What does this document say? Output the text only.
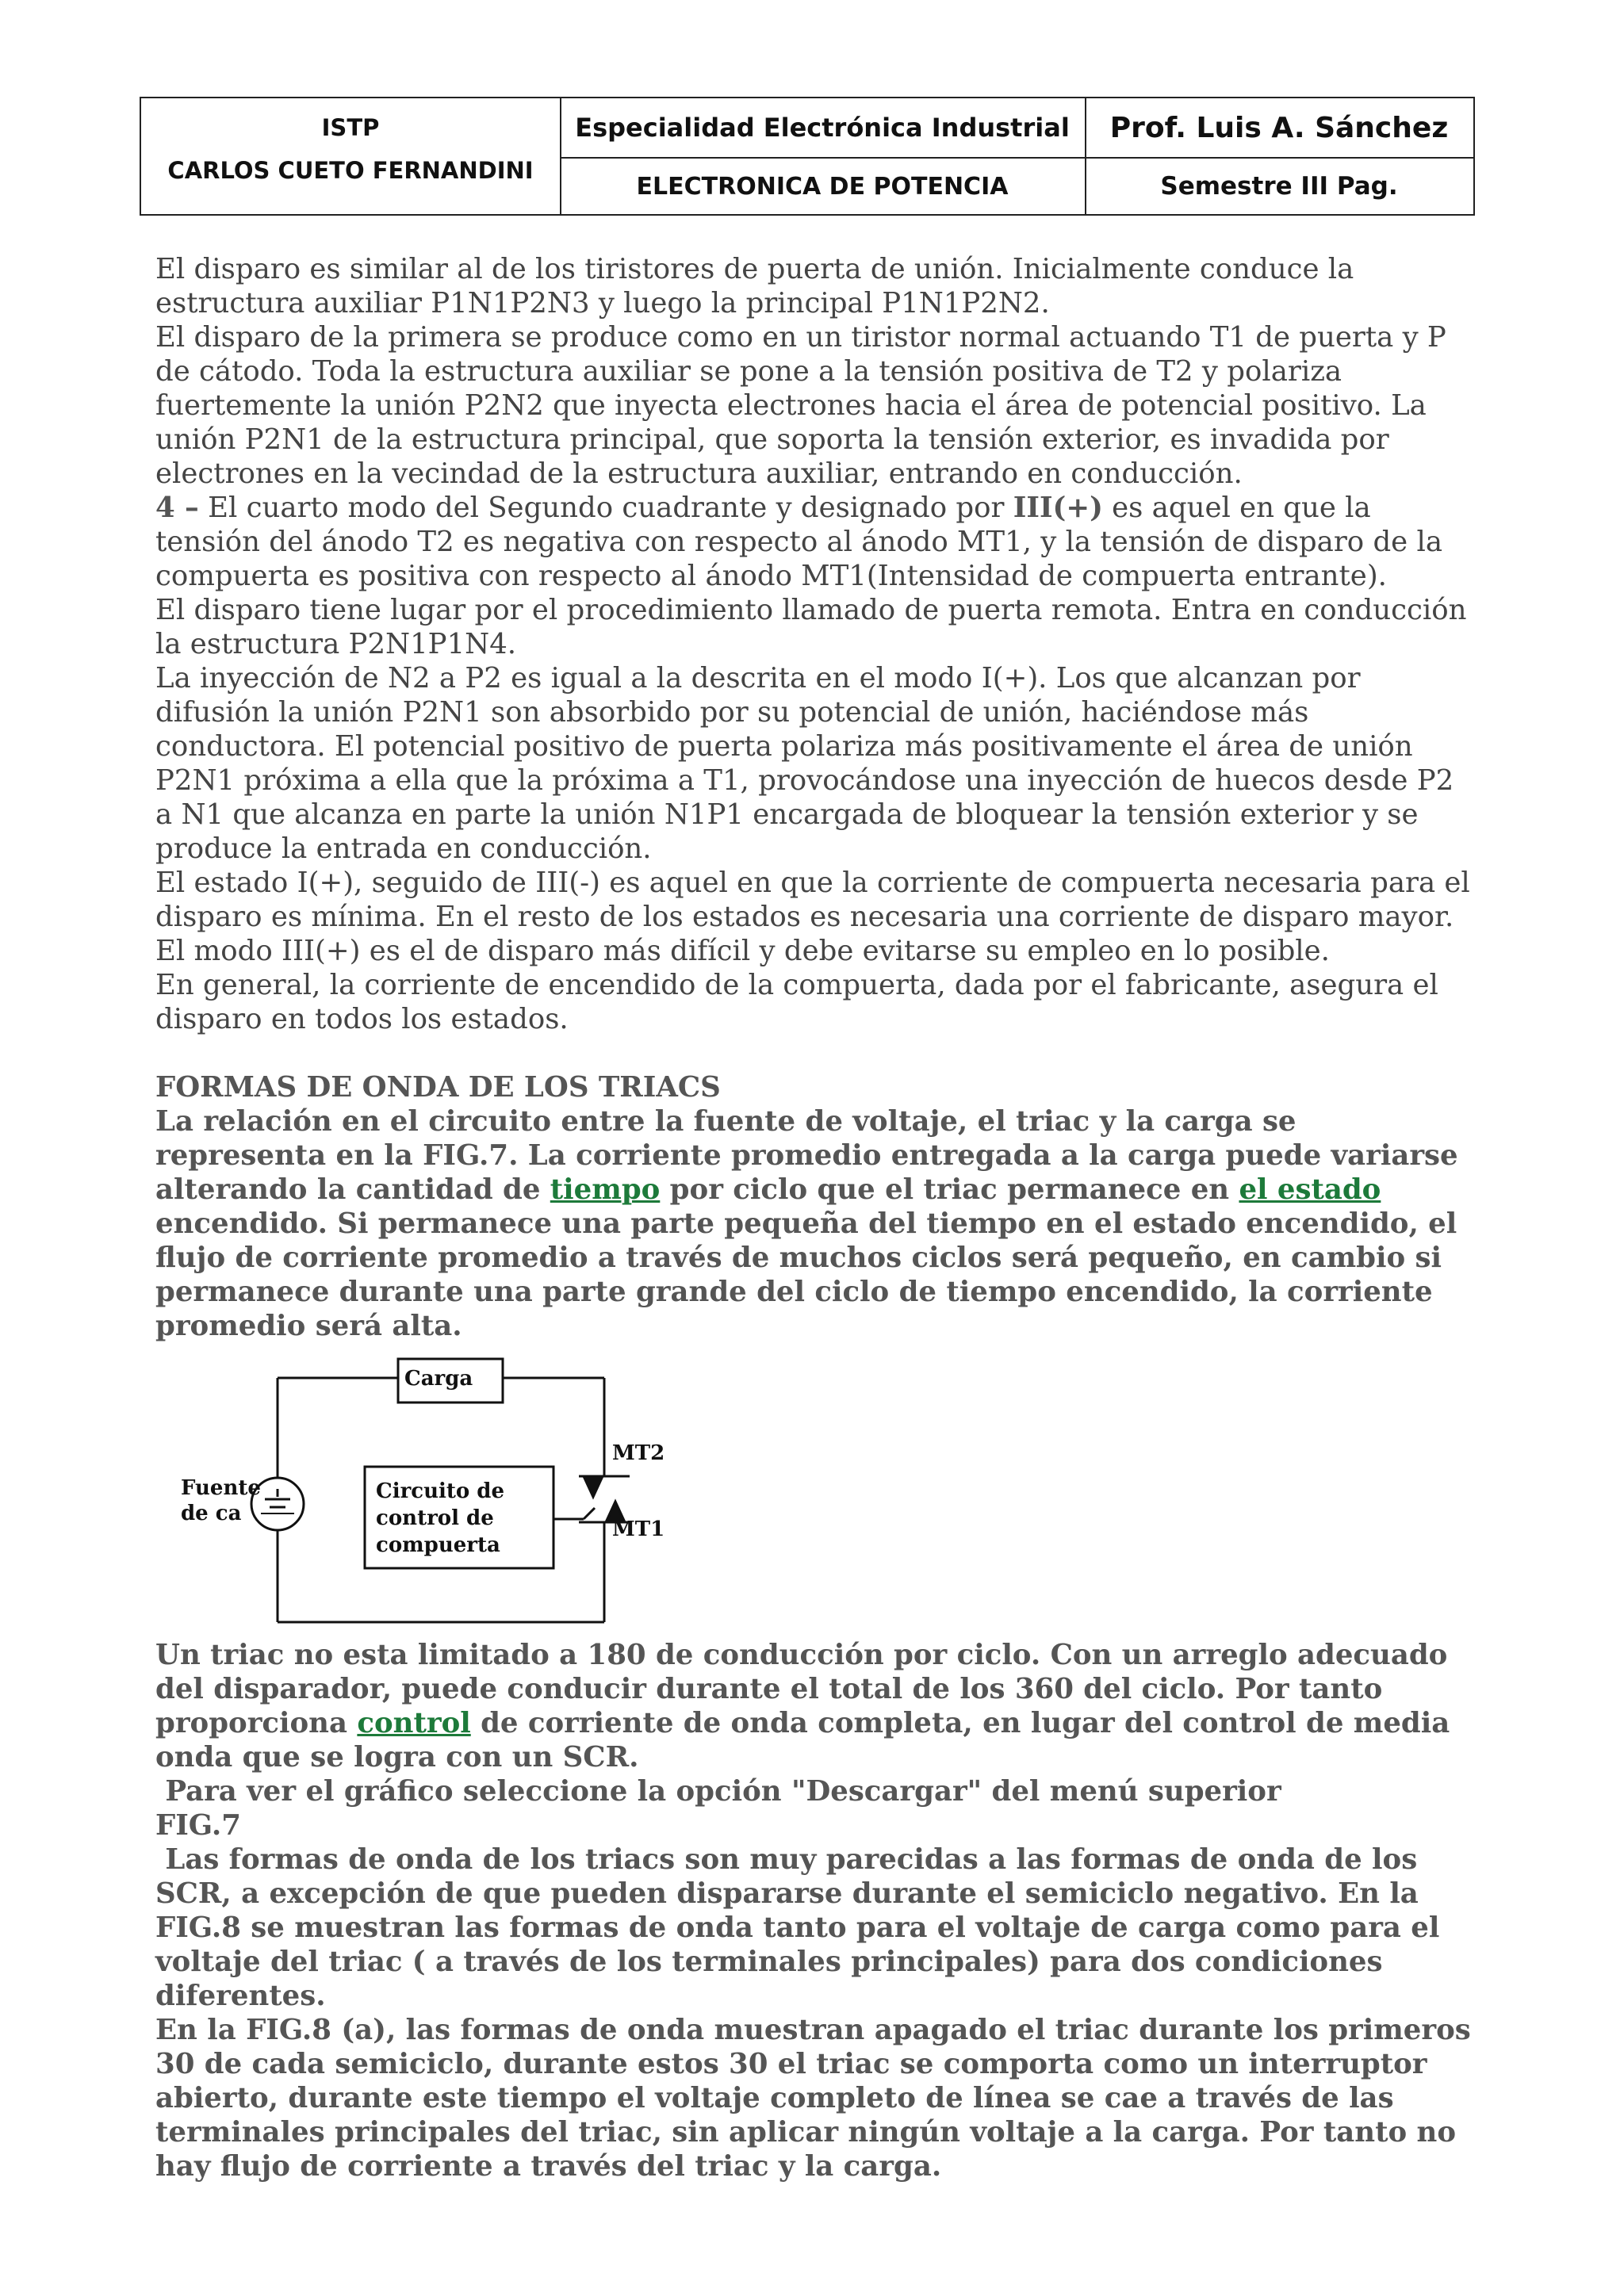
ISTP
CARLOS CUETO FERNANDINI
Especialidad Electrónica Industrial
ELECTRONICA DE POTENCIA
Prof. Luis A. Sánchez
Semestre III Pag.

El disparo es similar al de los tiristores de puerta de unión. Inicialmente conduce la estructura auxiliar P1N1P2N3 y luego la principal P1N1P2N2.

El disparo de la primera se produce como en un tiristor normal actuando T1 de puerta y P de cátodo. Toda la estructura auxiliar se pone a la tensión positiva de T2 y polariza fuertemente la unión P2N2 que inyecta electrones hacia el área de potencial positivo. La unión P2N1 de la estructura principal, que soporta la tensión exterior, es invadida por electrones en la vecindad de la estructura auxiliar, entrando en conducción.

4 – El cuarto modo del Segundo cuadrante y designado por III(+) es aquel en que la tensión del ánodo T2 es negativa con respecto al ánodo MT1, y la tensión de disparo de la compuerta es positiva con respecto al ánodo MT1(Intensidad de compuerta entrante).

El disparo tiene lugar por el procedimiento llamado de puerta remota. Entra en conducción la estructura P2N1P1N4.

La inyección de N2 a P2 es igual a la descrita en el modo I(+). Los que alcanzan por difusión la unión P2N1 son absorbido por su potencial de unión, haciéndose más conductora. El potencial positivo de puerta polariza más positivamente el área de unión P2N1 próxima a ella que la próxima a T1, provocándose una inyección de huecos desde P2 a N1 que alcanza en parte la unión N1P1 encargada de bloquear la tensión exterior y se produce la entrada en conducción.

El estado I(+), seguido de III(-) es aquel en que la corriente de compuerta necesaria para el disparo es mínima. En el resto de los estados es necesaria una corriente de disparo mayor. El modo III(+) es el de disparo más difícil y debe evitarse su empleo en lo posible.

En general, la corriente de encendido de la compuerta, dada por el fabricante, asegura el disparo en todos los estados.

FORMAS DE ONDA DE LOS TRIACS

La relación en el circuito entre la fuente de voltaje, el triac y la carga se representa en la FIG.7. La corriente promedio entregada a la carga puede variarse alterando la cantidad de tiempo por ciclo que el triac permanece en el estado encendido. Si permanece una parte pequeña del tiempo en el estado encendido, el flujo de corriente promedio a través de muchos ciclos será pequeño, en cambio si permanece durante una parte grande del ciclo de tiempo encendido, la corriente promedio será alta.

Carga
Fuente
de ca
Circuito de
control de
compuerta
MT2
MT1

Un triac no esta limitado a 180 de conducción por ciclo. Con un arreglo adecuado del disparador, puede conducir durante el total de los 360 del ciclo. Por tanto proporciona control de corriente de onda completa, en lugar del control de media onda que se logra con un SCR.

Para ver el gráfico seleccione la opción "Descargar" del menú superior

FIG.7

Las formas de onda de los triacs son muy parecidas a las formas de onda de los SCR, a excepción de que pueden dispararse durante el semiciclo negativo. En la FIG.8 se muestran las formas de onda tanto para el voltaje de carga como para el voltaje del triac ( a través de los terminales principales) para dos condiciones diferentes.

En la FIG.8 (a), las formas de onda muestran apagado el triac durante los primeros 30 de cada semiciclo, durante estos 30 el triac se comporta como un interruptor abierto, durante este tiempo el voltaje completo de línea se cae a través de las terminales principales del triac, sin aplicar ningún voltaje a la carga. Por tanto no hay flujo de corriente a través del triac y la carga.
